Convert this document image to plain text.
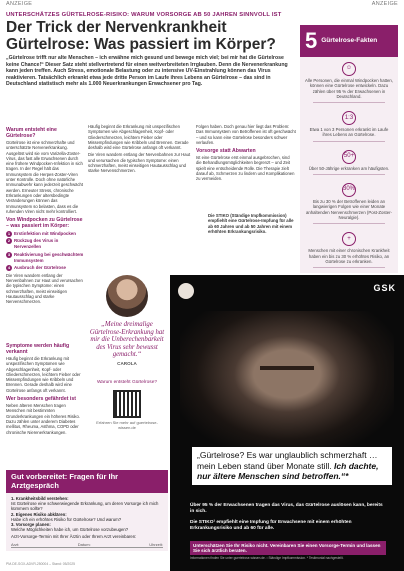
ANZEIGE	ANZEIGE
UNTERSCHÄTZES GÜRTELROSE-RISIKO: WARUM VORSORGE AB 50 JAHREN SINNVOLL IST
Der Trick der Nervenkrankheit Gürtelrose: Was passiert im Körper?
„Gürtelrose trifft nur alte Menschen – ich erwähne mich gesund und bewege mich viel; bei mir hat die Gürtelrose keine Chance!“ Dieser Satz steht stellvertretend für einen weitverbreiteten Irrglauben. Denn die Nervenerkrankung kann jeden treffen. Auch Stress, emotionale Belastung oder zu intensive UV-Einstrahlung können das Virus reaktivieren. Tatsächlich erkrankt etwa jede dritte Person im Laufe ihres Lebens an Gürtelrose – das sind in Deutschland statistisch mehr als 1.000 Neuerkrankungen Erwachsener pro Tag.
Warum entsteht eine Gürtelrose?

Gürtelrose ist eine schmerzhafte und unterschätzte Nervenerkrankung. Ausgelöst wird sie vom Varizella-Zoster-Virus, das fast alle Erwachsenen durch eine frühere Windpocken-Infektion in sich tragen. In der Regel hält das Immunsystem die Herpes-Zoster-Viren unter Kontrolle. Doch ohne natürliche Immunabwehr kann jederzeit geschwächt werden. Erneuter Stress, chronische Erkrankungen oder altersbedingte Veränderungen können das Immunsystem so belasten, dass es die ruhenden Viren nicht mehr kontrolliert.

Von Windpocken zu Gürtelrose – was passiert im Körper:
1 Erstinfektion mit Windpocken
2 Rückzug des Virus in Nervenzellen
3 Reaktivierung bei geschwächtem Immunsystem
4 Ausbruch der Gürtelrose

Die Viren wandern entlang der Nervenbahnen zur Haut und verursachen die typischen Symptome: einen schmerzhaften, meist einseitigen Hautausschlag und starke Nervenschmerzen.

Symptome werden häufig verkannt

Häufig beginnt die Erkrankung mit unspezifischen Symptomen wie Abgeschlagenheit, Kopf- oder Gliederschmerzen, leichtem Fieber oder Missempfindungen wie Kribbeln und Brennen. Gerade deshalb wird eine Gürtelrose anfangs oft verkannt.

Wer besonders gefährdet ist

Neben älteren Menschen tragen Menschen mit bestimmten Grunderkrankungen ein höheres Risiko. Dazu zählen unter anderem Diabetes mellitus, Rheuma, Asthma, COPD oder chronische Nierenerkrankungen.

Häufig beginnt die Erkrankung mit unspezifischen Symptomen wie Abgeschlagenheit, Kopf- oder Gliederschmerzen, leichtem Fieber oder Missempfindungen wie Kribbeln und Brennen. Gerade deshalb wird eine Gürtelrose anfangs oft verkannt.

Die Viren wandern entlang der Nervenbahnen zur Haut und verursachen die typischen Symptome: einen schmerzhaften, meist einseitigen Hautausschlag und starke Nervenschmerzen.

Folgen haben. Doch genau hier liegt das Problem: Das Immunsystem von Betroffenen ist oft geschwächt – und so kann eine Gürtelrose besonders schwer verlaufen.

Vorsorge statt Abwarten

Ist eine Gürtelrose erst einmal ausgebrochen, sind die Behandlungsmöglichkeiten begrenzt – und Zeit spielt eine entscheidende Rolle. Die Therapie zielt darauf ab, Schmerzen zu lindern und Komplikationen zu vermeiden.

Die STIKO (Ständige Impfkommission) empfiehlt eine Gürtelrose-Impfung für alle ab 60 Jahren und ab 50 Jahren mit einem erhöhten Erkrankungsrisiko.
5 Gürtelrose-Fakten
☺
Alle Personen, die einmal Windpocken hatten, können eine Gürtelrose entwickeln. Dazu zählen über 95 % der Erwachsenen in Deutschland.
1:3
Etwa 1 von 3 Personen erkrankt im Laufe ihres Lebens an Gürtelrose.
50+
Über 50-Jährige erkranken am häufigsten.
30%
Bis zu 30 % der Betroffenen leiden an langwierigen Folgen wie einer Monate anhaltenden Nervenschmerzen (Post-Zoster-Neuralgie).
+
Menschen mit einer chronischen Krankheit haben ein bis zu 30 % erhöhtes Risiko, an Gürtelrose zu erkranken.
„Meine dreimalige Gürtelrose-Erkrankung hat mir die Unberechenbarkeit des Virus sehr bewusst gemacht.“
CAROLA
Warum entsteht Gürtelrose?
Erfahren Sie mehr auf guertelrose-wissen.de
Gut vorbereitet: Fragen für Ihr Arztgespräch
1. Krankheitsbild verstehen:
Ist Gürtelrose eine schwerwiegende Erkrankung, um deren Vorsorge ich mich kümmern sollte?
2. Eigenes Risiko abklären:
Habe ich ein erhöhtes Risiko für Gürtelrose? Und warum?
3. Vorsorge planen:
Welche Möglichkeiten habe ich, um Gürtelrose vorzubeugen?
Arzt-Vorsorge-Termin mit Ihrer Ärztin oder Ihrem Arzt vereinbaren:
Arzt:	Datum:	Uhrzeit:
PM-DE-SGX-ADVR-250004 – Stand: 05/2025
GSK
„Gürtelrose? Es war unglaublich schmerzhaft … mein Leben stand über Monate still. Ich dachte, nur ältere Menschen sind betroffen.“*
Über 95 % der Erwachsenen tragen das Virus, das Gürtelrose auslösen kann, bereits in sich.
Die STIKO¹ empfiehlt eine Impfung für Erwachsene mit einem erhöhten Erkrankungsrisiko und ab 60 für alle.
Unterschätzen Sie Ihr Risiko nicht. Vereinbaren Sie einen Vorsorge-Termin und lassen Sie sich ärztlich beraten.
Informationen finden Sie unter guertelrose-wissen.de. ¹ Ständige Impfkommission. * Testimonial nachgestellt.
